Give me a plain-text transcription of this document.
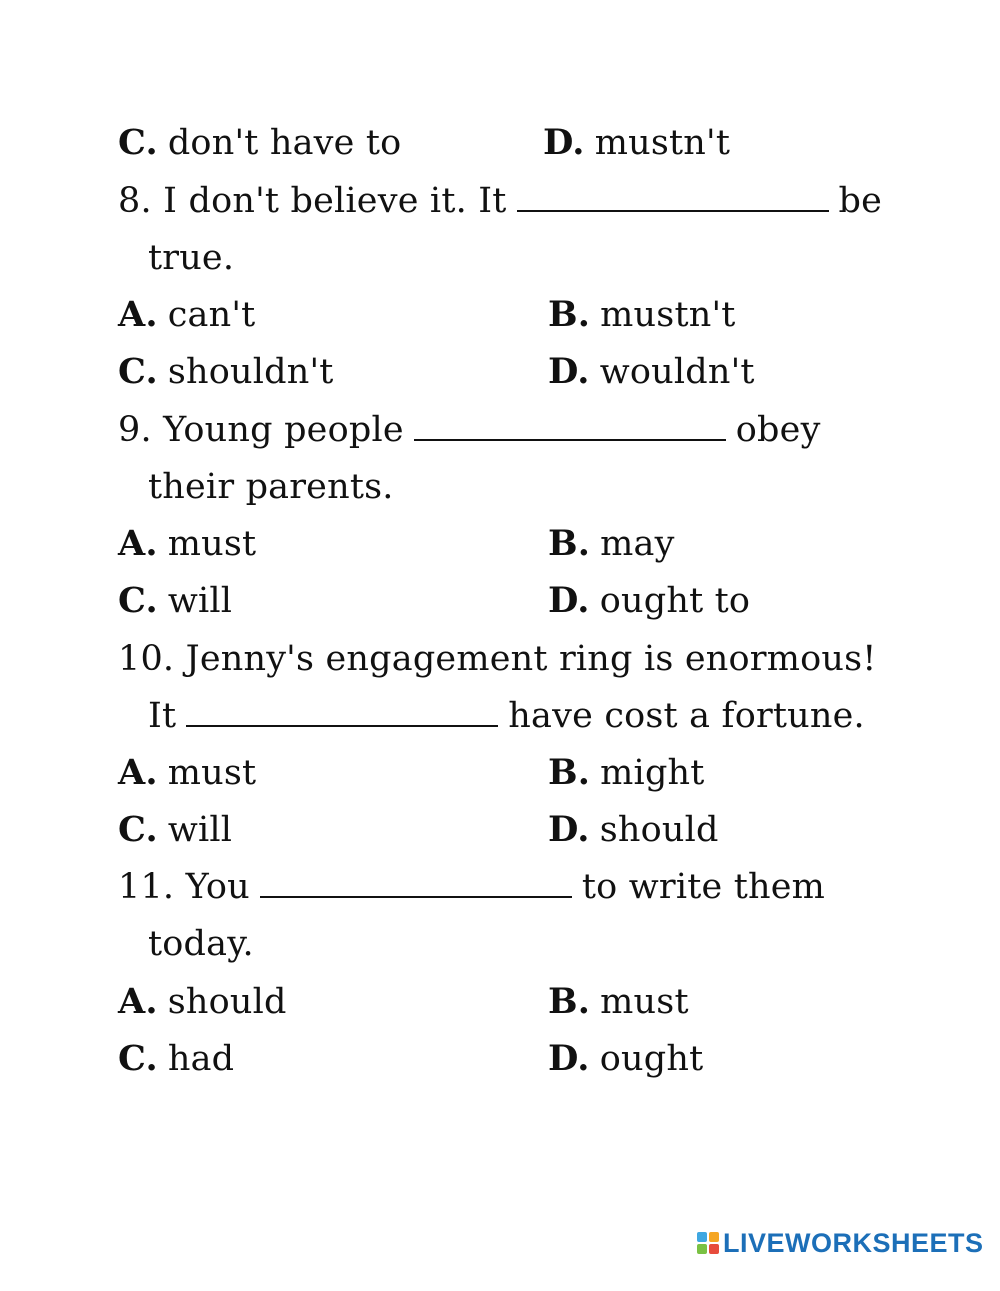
C. don't have to	D. mustn't
8. I don't believe it. It	be
true.
A. can't	B. mustn't
C. shouldn't	D. wouldn't
9. Young people	obey
their parents.
A. must	B. may
C. will	D. ought to
10. Jenny's engagement ring is enormous!
It	have cost a fortune.
A. must	B. might
C. will	D. should
11. You	to write them
today.
A. should	B. must
C. had	D. ought
LIVEWORKSHEETS
